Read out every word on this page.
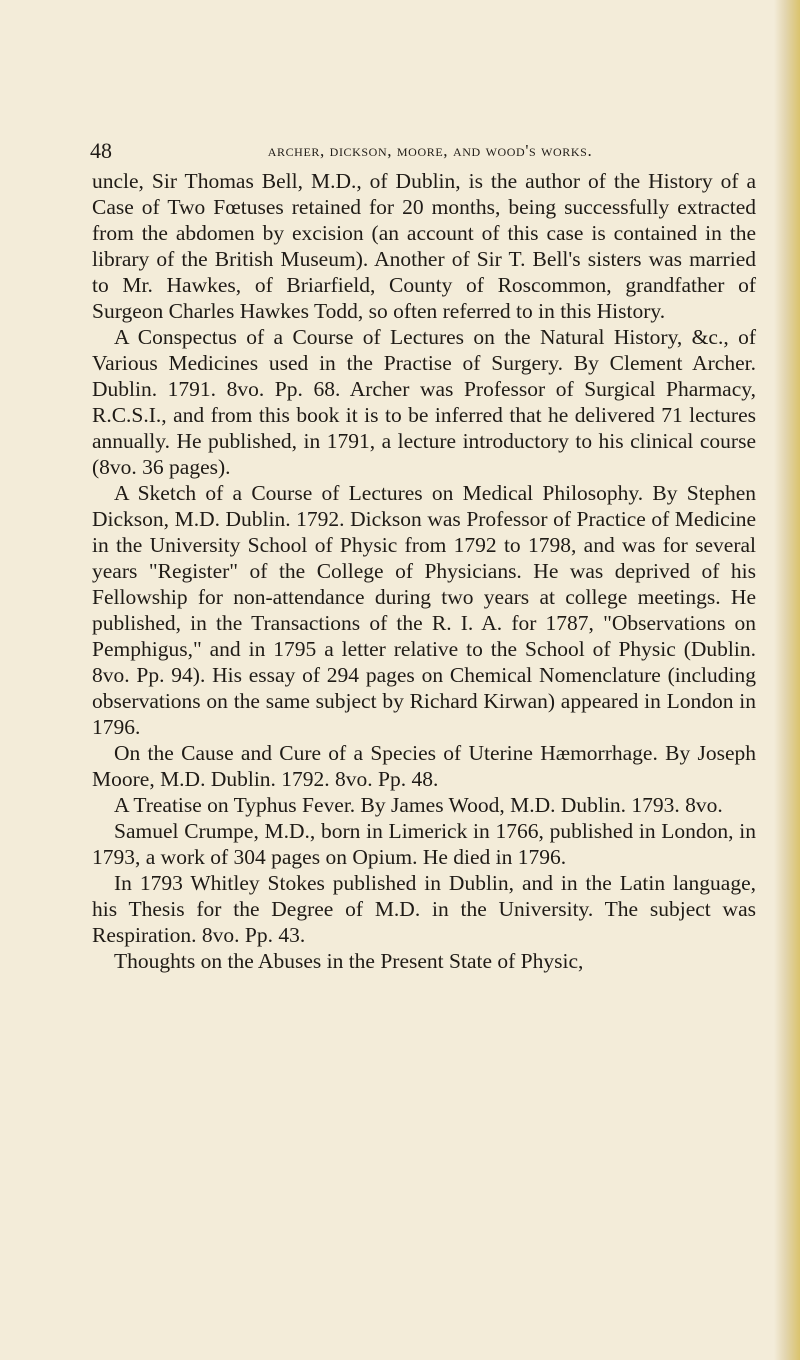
48	archer, dickson, moore, and wood's works.

uncle, Sir Thomas Bell, M.D., of Dublin, is the author of the History of a Case of Two Fœtuses retained for 20 months, being successfully extracted from the abdomen by excision (an account of this case is contained in the library of the British Museum). Another of Sir T. Bell's sisters was married to Mr. Hawkes, of Briarfield, County of Roscommon, grandfather of Surgeon Charles Hawkes Todd, so often referred to in this History.

A Conspectus of a Course of Lectures on the Natural History, &c., of Various Medicines used in the Practise of Surgery. By Clement Archer. Dublin. 1791. 8vo. Pp. 68. Archer was Professor of Surgical Pharmacy, R.C.S.I., and from this book it is to be inferred that he delivered 71 lectures annually. He published, in 1791, a lecture introductory to his clinical course (8vo. 36 pages).

A Sketch of a Course of Lectures on Medical Philosophy. By Stephen Dickson, M.D. Dublin. 1792. Dickson was Professor of Practice of Medicine in the University School of Physic from 1792 to 1798, and was for several years "Register" of the College of Physicians. He was deprived of his Fellowship for non-attendance during two years at college meetings. He published, in the Transactions of the R. I. A. for 1787, "Observations on Pemphigus," and in 1795 a letter relative to the School of Physic (Dublin. 8vo. Pp. 94). His essay of 294 pages on Chemical Nomenclature (including observations on the same subject by Richard Kirwan) appeared in London in 1796.

On the Cause and Cure of a Species of Uterine Hæmorrhage. By Joseph Moore, M.D. Dublin. 1792. 8vo. Pp. 48.

A Treatise on Typhus Fever. By James Wood, M.D. Dublin. 1793. 8vo.

Samuel Crumpe, M.D., born in Limerick in 1766, published in London, in 1793, a work of 304 pages on Opium. He died in 1796.

In 1793 Whitley Stokes published in Dublin, and in the Latin language, his Thesis for the Degree of M.D. in the University. The subject was Respiration. 8vo. Pp. 43.

Thoughts on the Abuses in the Present State of Physic,
